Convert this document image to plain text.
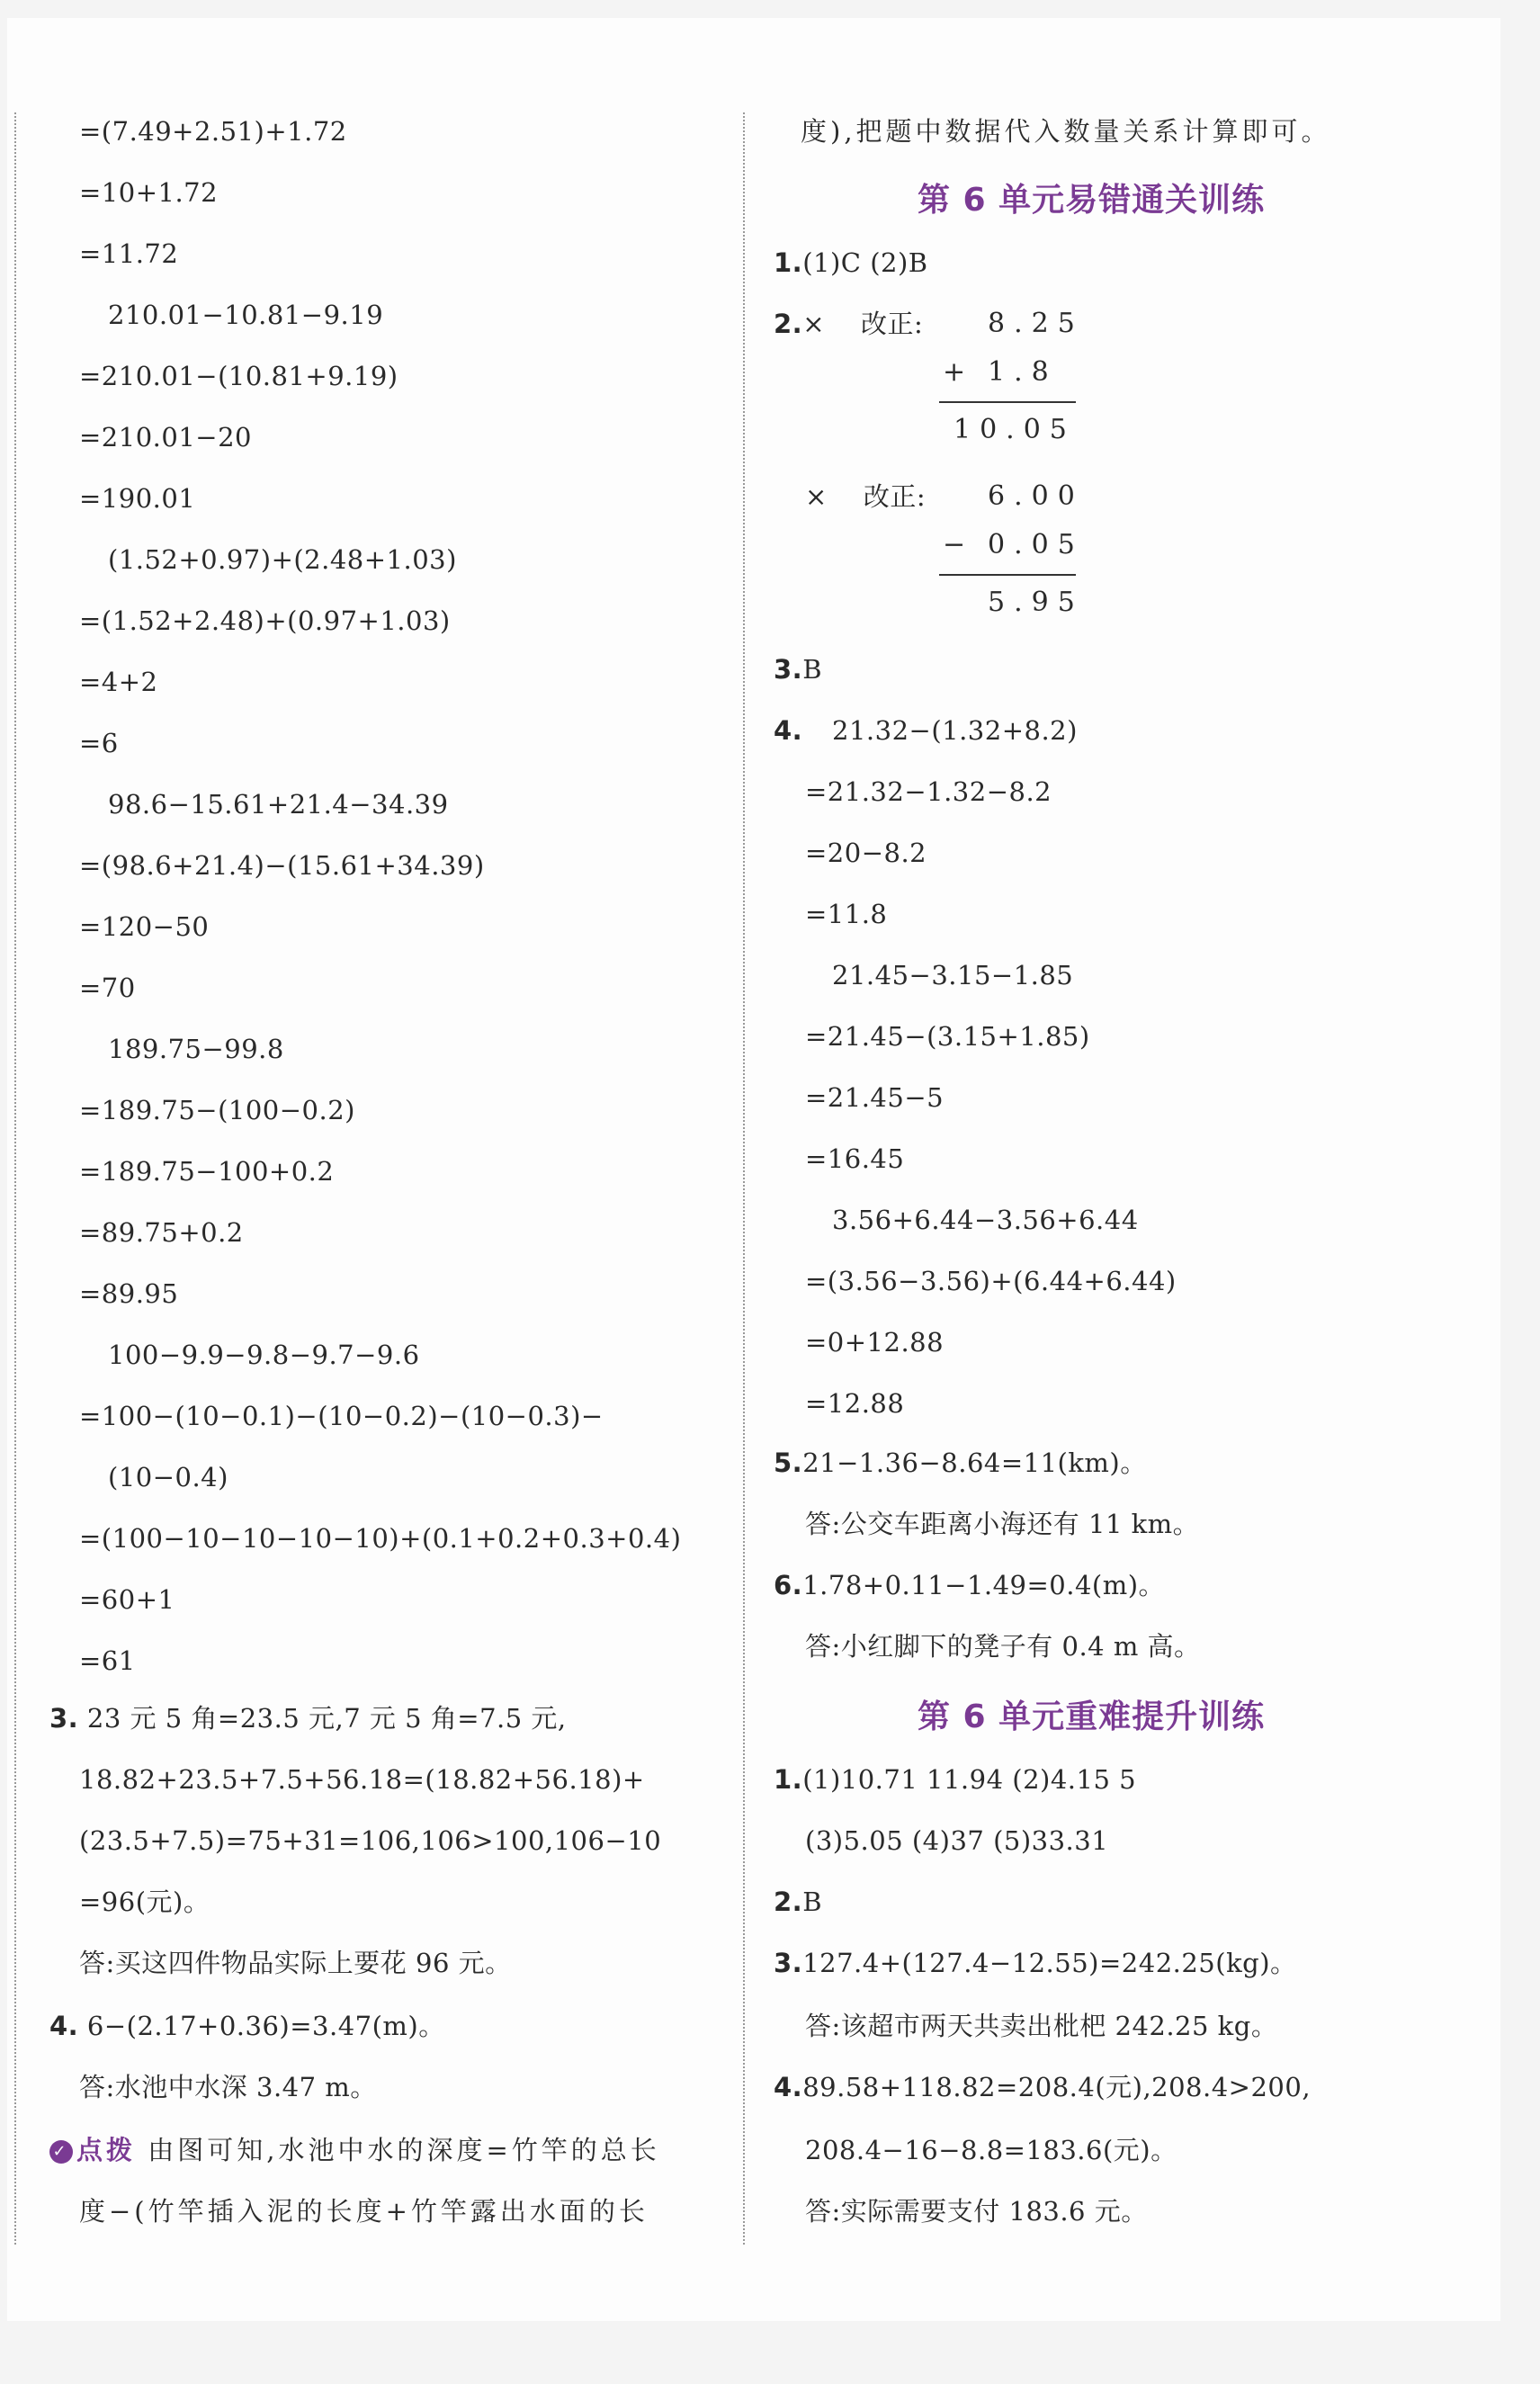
=(7.49+2.51)+1.72
=10+1.72
=11.72
210.01−10.81−9.19
=210.01−(10.81+9.19)
=210.01−20
=190.01
(1.52+0.97)+(2.48+1.03)
=(1.52+2.48)+(0.97+1.03)
=4+2
=6
98.6−15.61+21.4−34.39
=(98.6+21.4)−(15.61+34.39)
=120−50
=70
189.75−99.8
=189.75−(100−0.2)
=189.75−100+0.2
=89.75+0.2
=89.95
100−9.9−9.8−9.7−9.6
=100−(10−0.1)−(10−0.2)−(10−0.3)−
(10−0.4)
=(100−10−10−10−10)+(0.1+0.2+0.3+0.4)
=60+1
=61
3. 23 元 5 角=23.5 元,7 元 5 角=7.5 元,
18.82+23.5+7.5+56.18=(18.82+56.18)+
(23.5+7.5)=75+31=106,106>100,106−10
=96(元)。
答:买这四件物品实际上要花 96 元。
4. 6−(2.17+0.36)=3.47(m)。
答:水池中水深 3.47 m。
✓ 点拨 由图可知,水池中水的深度=竹竿的总长
度−(竹竿插入泥的长度+竹竿露出水面的长
度),把题中数据代入数量关系计算即可。
第 6 单元易错通关训练
1.(1)C (2)B
2.× 改正: 8.25
+ 1.8
10.05
× 改正: 6.00
− 0.05
5.95
3.B
4. 21.32−(1.32+8.2)
=21.32−1.32−8.2
=20−8.2
=11.8
21.45−3.15−1.85
=21.45−(3.15+1.85)
=21.45−5
=16.45
3.56+6.44−3.56+6.44
=(3.56−3.56)+(6.44+6.44)
=0+12.88
=12.88
5.21−1.36−8.64=11(km)。
答:公交车距离小海还有 11 km。
6.1.78+0.11−1.49=0.4(m)。
答:小红脚下的凳子有 0.4 m 高。
第 6 单元重难提升训练
1.(1)10.71 11.94 (2)4.15 5
(3)5.05 (4)37 (5)33.31
2.B
3.127.4+(127.4−12.55)=242.25(kg)。
答:该超市两天共卖出枇杷 242.25 kg。
4.89.58+118.82=208.4(元),208.4>200,
208.4−16−8.8=183.6(元)。
答:实际需要支付 183.6 元。
